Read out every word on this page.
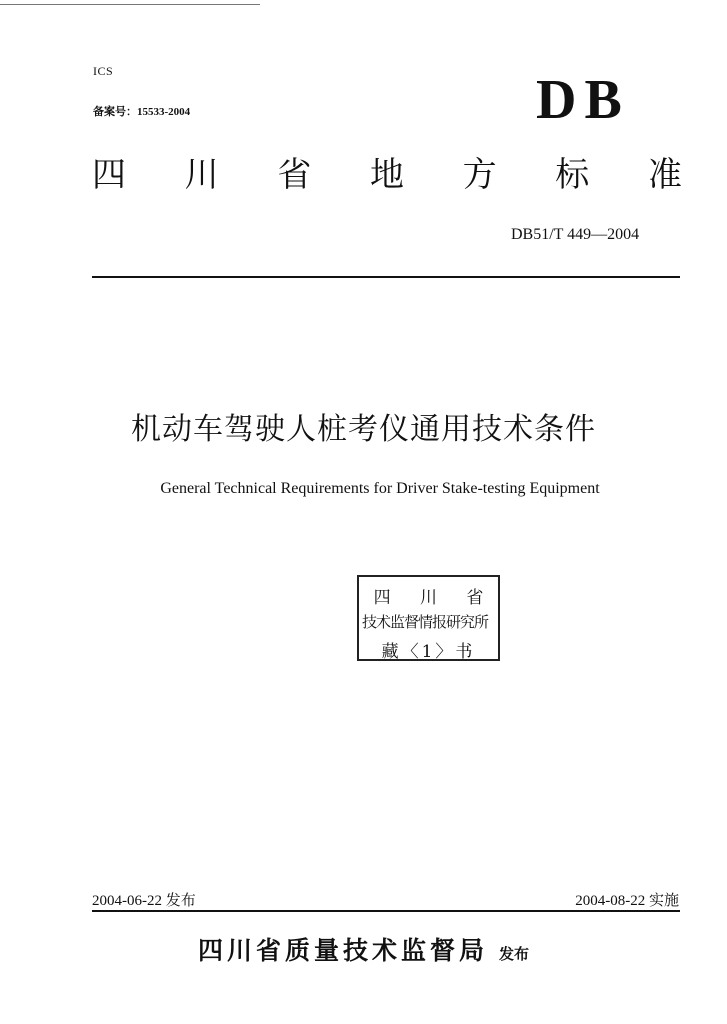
ICS
备案号：15533-2004	DB
四 川 省 地 方 标 准
DB51/T 449—2004
机动车驾驶人桩考仪通用技术条件
General Technical Requirements for Driver Stake-testing Equipment
四 川 省
技术监督情报研究所
藏〈1〉书
2004-06-22 发布	2004-08-22 实施
四川省质量技术监督局 发布
